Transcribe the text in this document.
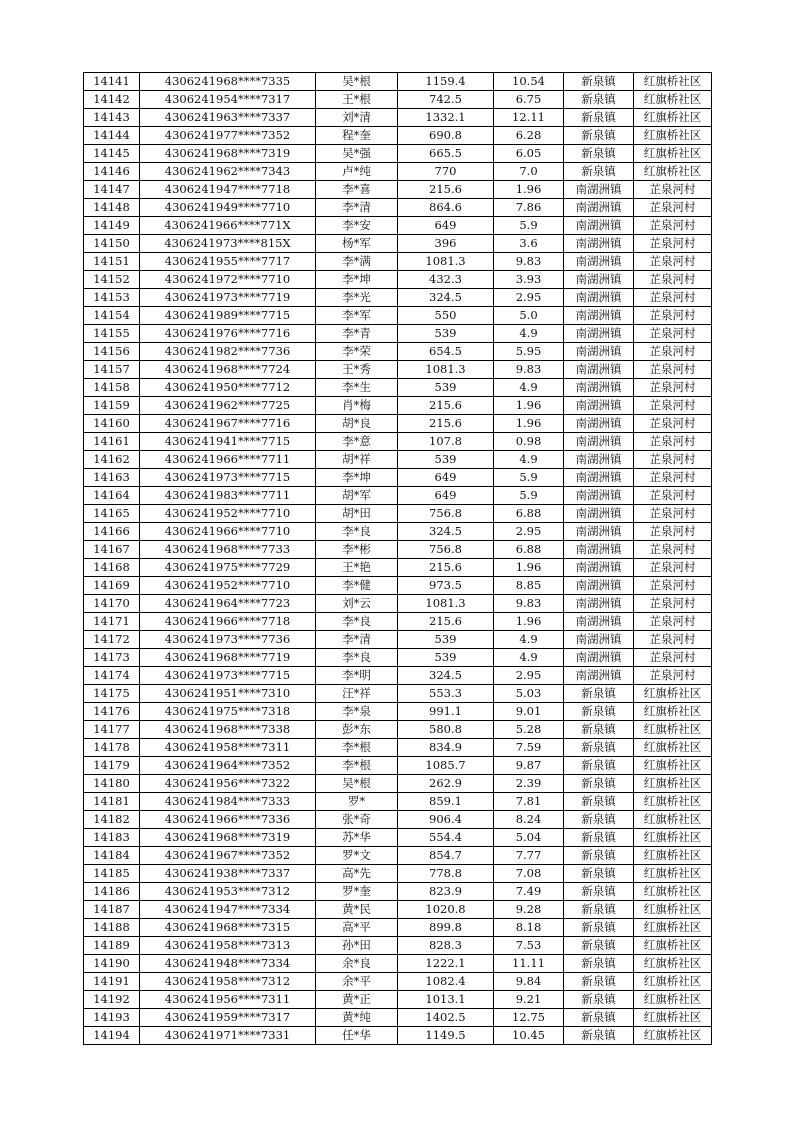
14141	4306241968****7335	吴*根	1159.4	10.54	新泉镇	红旗桥社区
14142	4306241954****7317	王*根	742.5	6.75	新泉镇	红旗桥社区
14143	4306241963****7337	刘*清	1332.1	12.11	新泉镇	红旗桥社区
14144	4306241977****7352	程*奎	690.8	6.28	新泉镇	红旗桥社区
14145	4306241968****7319	吴*强	665.5	6.05	新泉镇	红旗桥社区
14146	4306241962****7343	卢*纯	770	7.0	新泉镇	红旗桥社区
14147	4306241947****7718	李*喜	215.6	1.96	南湖洲镇	芷泉河村
14148	4306241949****7710	李*清	864.6	7.86	南湖洲镇	芷泉河村
14149	4306241966****771X	李*安	649	5.9	南湖洲镇	芷泉河村
14150	4306241973****815X	杨*军	396	3.6	南湖洲镇	芷泉河村
14151	4306241955****7717	李*满	1081.3	9.83	南湖洲镇	芷泉河村
14152	4306241972****7710	李*坤	432.3	3.93	南湖洲镇	芷泉河村
14153	4306241973****7719	李*光	324.5	2.95	南湖洲镇	芷泉河村
14154	4306241989****7715	李*军	550	5.0	南湖洲镇	芷泉河村
14155	4306241976****7716	李*青	539	4.9	南湖洲镇	芷泉河村
14156	4306241982****7736	李*荣	654.5	5.95	南湖洲镇	芷泉河村
14157	4306241968****7724	王*秀	1081.3	9.83	南湖洲镇	芷泉河村
14158	4306241950****7712	李*生	539	4.9	南湖洲镇	芷泉河村
14159	4306241962****7725	肖*梅	215.6	1.96	南湖洲镇	芷泉河村
14160	4306241967****7716	胡*良	215.6	1.96	南湖洲镇	芷泉河村
14161	4306241941****7715	李*意	107.8	0.98	南湖洲镇	芷泉河村
14162	4306241966****7711	胡*祥	539	4.9	南湖洲镇	芷泉河村
14163	4306241973****7715	李*坤	649	5.9	南湖洲镇	芷泉河村
14164	4306241983****7711	胡*军	649	5.9	南湖洲镇	芷泉河村
14165	4306241952****7710	胡*田	756.8	6.88	南湖洲镇	芷泉河村
14166	4306241966****7710	李*良	324.5	2.95	南湖洲镇	芷泉河村
14167	4306241968****7733	李*彬	756.8	6.88	南湖洲镇	芷泉河村
14168	4306241975****7729	王*艳	215.6	1.96	南湖洲镇	芷泉河村
14169	4306241952****7710	李*健	973.5	8.85	南湖洲镇	芷泉河村
14170	4306241964****7723	刘*云	1081.3	9.83	南湖洲镇	芷泉河村
14171	4306241966****7718	李*良	215.6	1.96	南湖洲镇	芷泉河村
14172	4306241973****7736	李*清	539	4.9	南湖洲镇	芷泉河村
14173	4306241968****7719	李*良	539	4.9	南湖洲镇	芷泉河村
14174	4306241973****7715	李*明	324.5	2.95	南湖洲镇	芷泉河村
14175	4306241951****7310	汪*祥	553.3	5.03	新泉镇	红旗桥社区
14176	4306241975****7318	李*泉	991.1	9.01	新泉镇	红旗桥社区
14177	4306241968****7338	彭*东	580.8	5.28	新泉镇	红旗桥社区
14178	4306241958****7311	李*根	834.9	7.59	新泉镇	红旗桥社区
14179	4306241964****7352	李*根	1085.7	9.87	新泉镇	红旗桥社区
14180	4306241956****7322	吴*根	262.9	2.39	新泉镇	红旗桥社区
14181	4306241984****7333	罗*	859.1	7.81	新泉镇	红旗桥社区
14182	4306241966****7336	张*奇	906.4	8.24	新泉镇	红旗桥社区
14183	4306241968****7319	苏*华	554.4	5.04	新泉镇	红旗桥社区
14184	4306241967****7352	罗*文	854.7	7.77	新泉镇	红旗桥社区
14185	4306241938****7337	高*先	778.8	7.08	新泉镇	红旗桥社区
14186	4306241953****7312	罗*奎	823.9	7.49	新泉镇	红旗桥社区
14187	4306241947****7334	黄*民	1020.8	9.28	新泉镇	红旗桥社区
14188	4306241968****7315	高*平	899.8	8.18	新泉镇	红旗桥社区
14189	4306241958****7313	孙*田	828.3	7.53	新泉镇	红旗桥社区
14190	4306241948****7334	余*良	1222.1	11.11	新泉镇	红旗桥社区
14191	4306241958****7312	余*平	1082.4	9.84	新泉镇	红旗桥社区
14192	4306241956****7311	黄*正	1013.1	9.21	新泉镇	红旗桥社区
14193	4306241959****7317	黄*纯	1402.5	12.75	新泉镇	红旗桥社区
14194	4306241971****7331	任*华	1149.5	10.45	新泉镇	红旗桥社区
